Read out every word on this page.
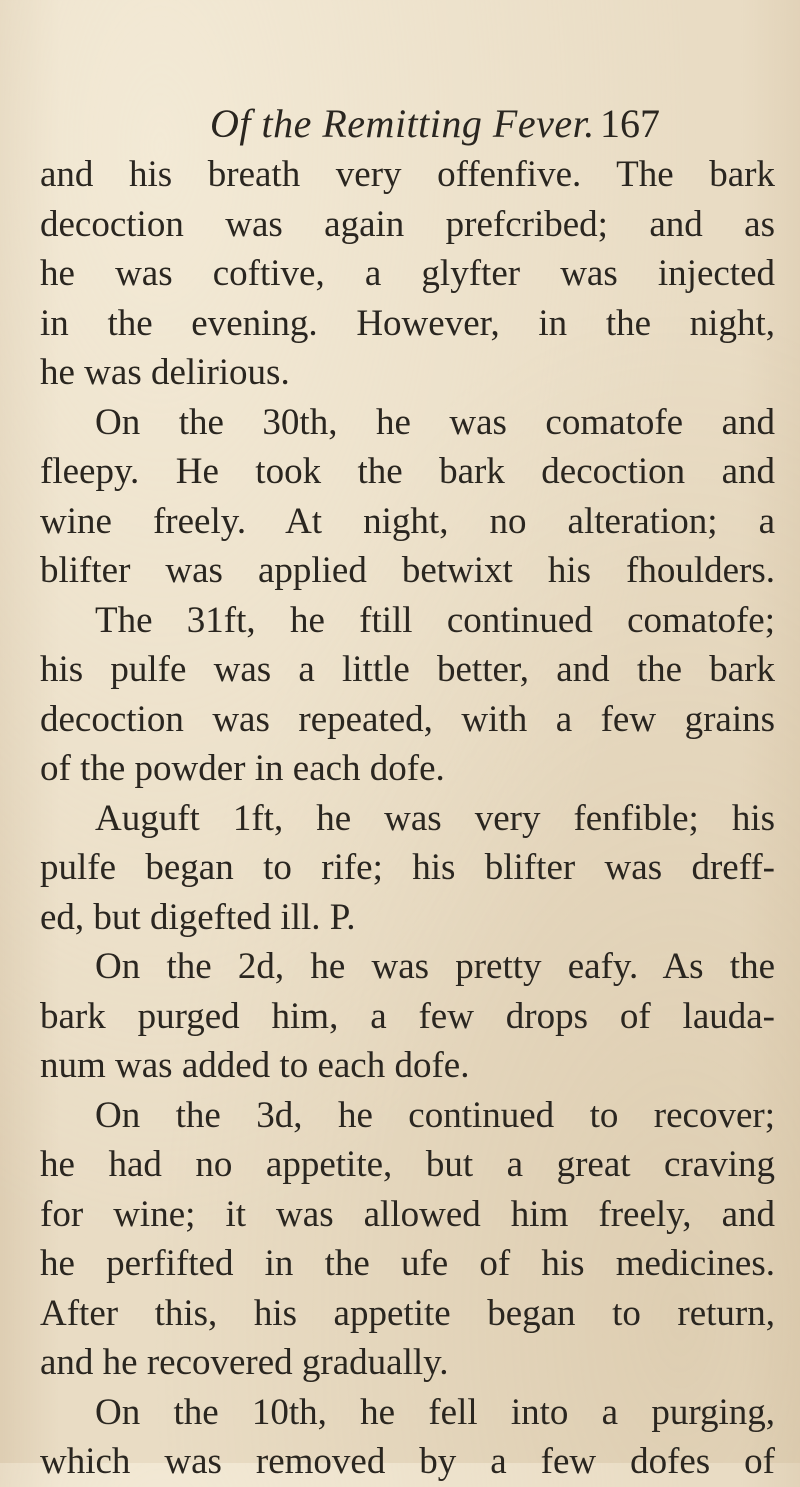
Of the Remitting Fever. 167
and his breath very offenfive. The bark
decoction was again prefcribed; and as
he was coftive, a glyfter was injected
in the evening. However, in the night,
he was delirious.
On the 30th, he was comatofe and
fleepy. He took the bark decoction and
wine freely. At night, no alteration; a
blifter was applied betwixt his fhoulders.
The 31ft, he ftill continued comatofe;
his pulfe was a little better, and the bark
decoction was repeated, with a few grains
of the powder in each dofe.
Auguft 1ft, he was very fenfible; his
pulfe began to rife; his blifter was dreff-
ed, but digefted ill. P.
On the 2d, he was pretty eafy. As the
bark purged him, a few drops of lauda-
num was added to each dofe.
On the 3d, he continued to recover;
he had no appetite, but a great craving
for wine; it was allowed him freely, and
he perfifted in the ufe of his medicines.
After this, his appetite began to return,
and he recovered gradually.
On the 10th, he fell into a purging,
which was removed by a few dofes of
